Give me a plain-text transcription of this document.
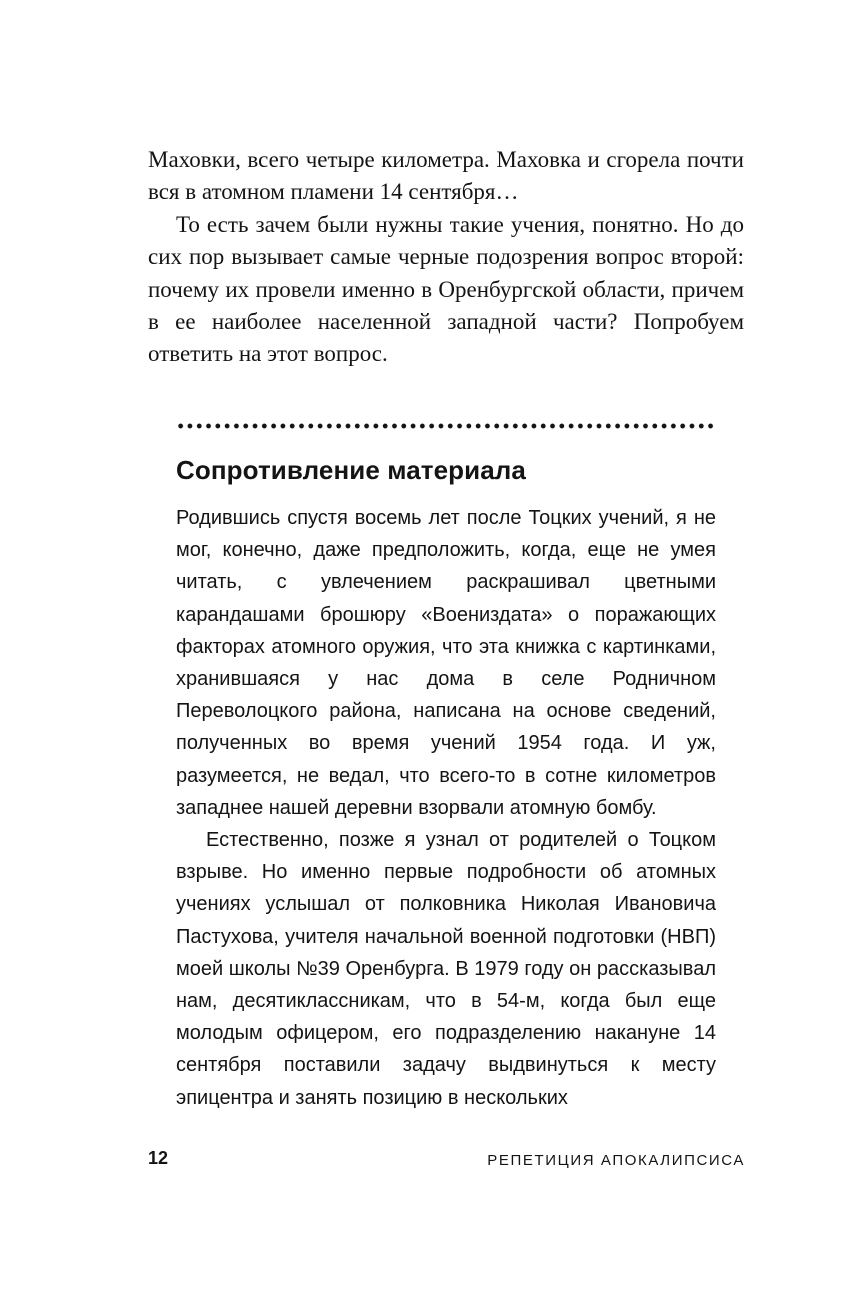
Маховки, всего четыре километра. Маховка и сгорела почти вся в атомном пламени 14 сентября…

То есть зачем были нужны такие учения, понятно. Но до сих пор вызывает самые черные подозрения вопрос второй: почему их провели именно в Оренбургской области, причем в ее наиболее населенной западной части? Попробуем ответить на этот вопрос.

Сопротивление материала

Родившись спустя восемь лет после Тоцких учений, я не мог, конечно, даже предположить, когда, еще не умея читать, с увлечением раскрашивал цветными карандашами брошюру «Воениздата» о поражающих факторах атомного оружия, что эта книжка с картинками, хранившаяся у нас дома в селе Родничном Переволоцкого района, написана на основе сведений, полученных во время учений 1954 года. И уж, разумеется, не ведал, что всего-то в сотне километров западнее нашей деревни взорвали атомную бомбу.

Естественно, позже я узнал от родителей о Тоцком взрыве. Но именно первые подробности об атомных учениях услышал от полковника Николая Ивановича Пастухова, учителя начальной военной подготовки (НВП) моей школы №39 Оренбурга. В 1979 году он рассказывал нам, десятиклассникам, что в 54-м, когда был еще молодым офицером, его подразделению накануне 14 сентября поставили задачу выдвинуться к месту эпицентра и занять позицию в нескольких

12	РЕПЕТИЦИЯ АПОКАЛИПСИСА
